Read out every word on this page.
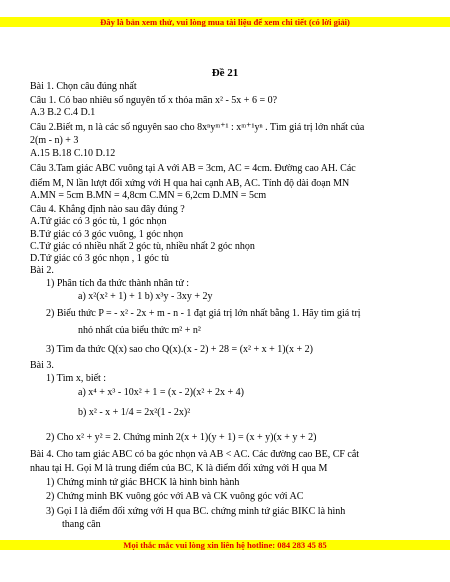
Đây là bản xem thử, vui lòng mua tài liệu để xem chi tiết (có lời giải)
Đề 21
Bài 1. Chọn câu đúng nhất
Câu 1. Có bao nhiêu số nguyên tố x thỏa mãn x² - 5x + 6 = 0?
A.3 B.2 C.4 D.1
Câu 2.Biết m, n là các số nguyên sao cho 8xⁿyᵐ⁺¹ : xᵐ⁺¹yⁿ . Tìm giá trị lớn nhất của
2(m - n) + 3
A.15 B.18 C.10 D.12
Câu 3.Tam giác ABC vuông tại A với AB = 3cm, AC = 4cm. Đường cao AH. Các
điểm M, N lần lượt đối xứng với H qua hai cạnh AB, AC. Tính độ dài đoạn MN
A.MN = 5cm B.MN = 4,8cm C.MN = 6,2cm D.MN = 5cm
Câu 4. Khẳng định nào sau đây đúng ?
A.Tứ giác có 3 góc tù, 1 góc nhọn
B.Tứ giác có 3 góc vuông, 1 góc nhọn
C.Tứ giác có nhiều nhất 2 góc tù, nhiều nhất 2 góc nhọn
D.Tứ giác có 3 góc nhọn , 1 góc tù
Bài 2.
1) Phân tích đa thức thành nhân tử :
a) x²(x² + 1) + 1 b) x³y - 3xy + 2y
2) Biểu thức P = - x² - 2x + m - n - 1 đạt giá trị lớn nhất bằng 1. Hãy tìm giá trị
nhỏ nhất của biểu thức m² + n²
3) Tìm đa thức Q(x) sao cho Q(x).(x - 2) + 28 = (x² + x + 1)(x + 2)
Bài 3.
1) Tìm x, biết :
a) x⁴ + x³ - 10x² + 1 = (x - 2)(x² + 2x + 4)
b) x² - x + 1/4 = 2x²(1 - 2x)²
2) Cho x² + y² = 2. Chứng minh 2(x + 1)(y + 1) = (x + y)(x + y + 2)
Bài 4. Cho tam giác ABC có ba góc nhọn và AB < AC. Các đường cao BE, CF cắt
nhau tại H. Gọi M là trung điểm của BC, K là điểm đối xứng với H qua M
1) Chứng minh tứ giác BHCK là hình bình hành
2) Chứng minh BK vuông góc với AB và CK vuông góc với AC
3) Gọi I là điểm đối xứng với H qua BC. chứng minh tứ giác BIKC là hình
thang cân
Mọi thắc mắc vui lòng xin liên hệ hotline: 084 283 45 85
